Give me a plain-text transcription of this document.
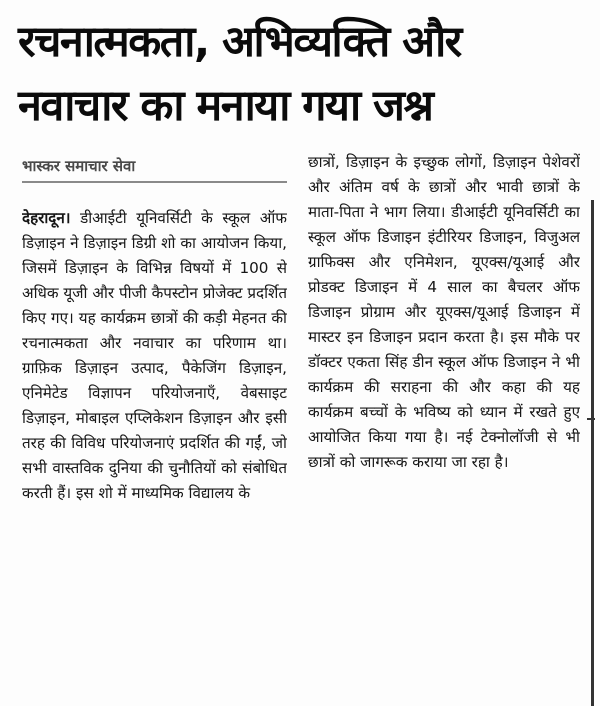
रचनात्मकता, अभिव्यक्ति और नवाचार का मनाया गया जश्न
भास्कर समाचार सेवा

देहरादून। डीआईटी यूनिवर्सिटी के स्कूल ऑफ डिज़ाइन ने डिज़ाइन डिग्री शो का आयोजन किया, जिसमें डिज़ाइन के विभिन्न विषयों में 100 से अधिक यूजी और पीजी कैपस्टोन प्रोजेक्ट प्रदर्शित किए गए। यह कार्यक्रम छात्रों की कड़ी मेहनत की रचनात्मकता और नवाचार का परिणाम था। ग्राफ़िक डिज़ाइन उत्पाद, पैकेजिंग डिज़ाइन, एनिमेटेड विज्ञापन परियोजनाएँ, वेबसाइट डिज़ाइन, मोबाइल एप्लिकेशन डिज़ाइन और इसी तरह की विविध परियोजनाएं प्रदर्शित की गईं, जो सभी वास्तविक दुनिया की चुनौतियों को संबोधित करती हैं। इस शो में माध्यमिक विद्यालय के

छात्रों, डिज़ाइन के इच्छुक लोगों, डिज़ाइन पेशेवरों और अंतिम वर्ष के छात्रों और भावी छात्रों के माता-पिता ने भाग लिया। डीआईटी यूनिवर्सिटी का स्कूल ऑफ डिजाइन इंटीरियर डिजाइन, विजुअल ग्राफिक्स और एनिमेशन, यूएक्स/यूआई और प्रोडक्ट डिजाइन में 4 साल का बैचलर ऑफ डिजाइन प्रोग्राम और यूएक्स/यूआई डिजाइन में मास्टर इन डिजाइन प्रदान करता है। इस मौके पर डॉक्टर एकता सिंह डीन स्कूल ऑफ डिजाइन ने भी कार्यक्रम की सराहना की और कहा की यह कार्यक्रम बच्चों के भविष्य को ध्यान में रखते हुए आयोजित किया गया है। नई टेक्नोलॉजी से भी छात्रों को जागरूक कराया जा रहा है।
